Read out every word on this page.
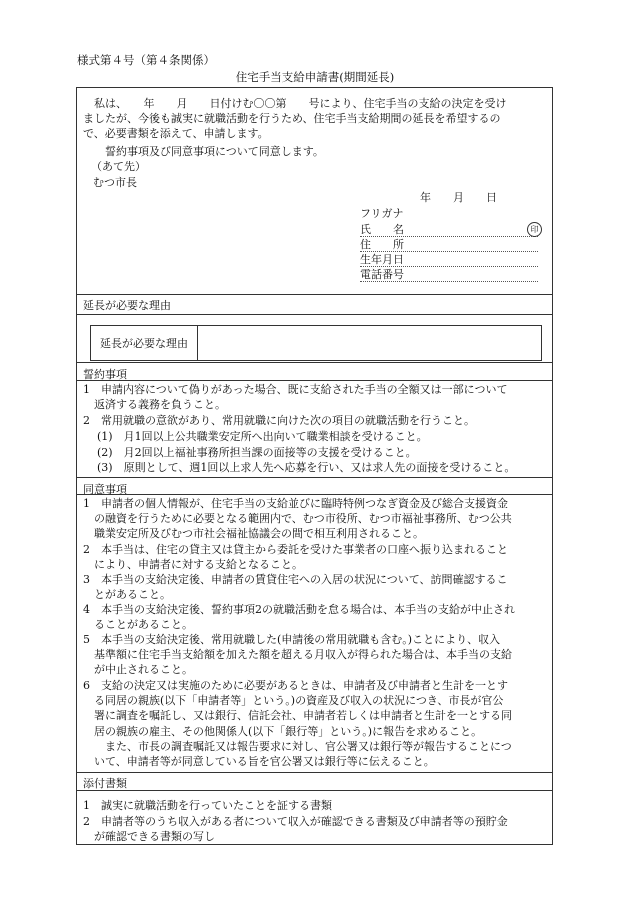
様式第４号（第４条関係）
住宅手当支給申請書(期間延長)
私は、　　年　　月　　日付けむ〇〇第　　号により、住宅手当の支給の決定を受け
ましたが、今後も誠実に就職活動を行うため、住宅手当支給期間の延長を希望するの
で、必要書類を添えて、申請します。
誓約事項及び同意事項について同意します。
（あて先）
むつ市長
年　　月　　日
フリガナ
氏　　名	印
住　　所
生年月日
電話番号
延長が必要な理由
延長が必要な理由
誓約事項
1　申請内容について偽りがあった場合、既に支給された手当の全額又は一部について
返済する義務を負うこと。
2　常用就職の意欲があり、常用就職に向けた次の項目の就職活動を行うこと。
(1)　月1回以上公共職業安定所へ出向いて職業相談を受けること。
(2)　月2回以上福祉事務所担当課の面接等の支援を受けること。
(3)　原則として、週1回以上求人先へ応募を行い、又は求人先の面接を受けること。
同意事項
1　申請者の個人情報が、住宅手当の支給並びに臨時特例つなぎ資金及び総合支援資金
の融資を行うために必要となる範囲内で、むつ市役所、むつ市福祉事務所、むつ公共
職業安定所及びむつ市社会福祉協議会の間で相互利用されること。
2　本手当は、住宅の貸主又は貸主から委託を受けた事業者の口座へ振り込まれること
により、申請者に対する支給となること。
3　本手当の支給決定後、申請者の賃貸住宅への入居の状況について、訪問確認するこ
とがあること。
4　本手当の支給決定後、誓約事項2の就職活動を怠る場合は、本手当の支給が中止され
ることがあること。
5　本手当の支給決定後、常用就職した(申請後の常用就職も含む。)ことにより、収入
基準額に住宅手当支給額を加えた額を超える月収入が得られた場合は、本手当の支給
が中止されること。
6　支給の決定又は実施のために必要があるときは、申請者及び申請者と生計を一とす
る同居の親族(以下「申請者等」という。)の資産及び収入の状況につき、市長が官公
署に調査を嘱託し、又は銀行、信託会社、申請者若しくは申請者と生計を一とする同
居の親族の雇主、その他関係人(以下「銀行等」という。)に報告を求めること。
　また、市長の調査嘱託又は報告要求に対し、官公署又は銀行等が報告することにつ
いて、申請者等が同意している旨を官公署又は銀行等に伝えること。
添付書類
1　誠実に就職活動を行っていたことを証する書類
2　申請者等のうち収入がある者について収入が確認できる書類及び申請者等の預貯金
が確認できる書類の写し
